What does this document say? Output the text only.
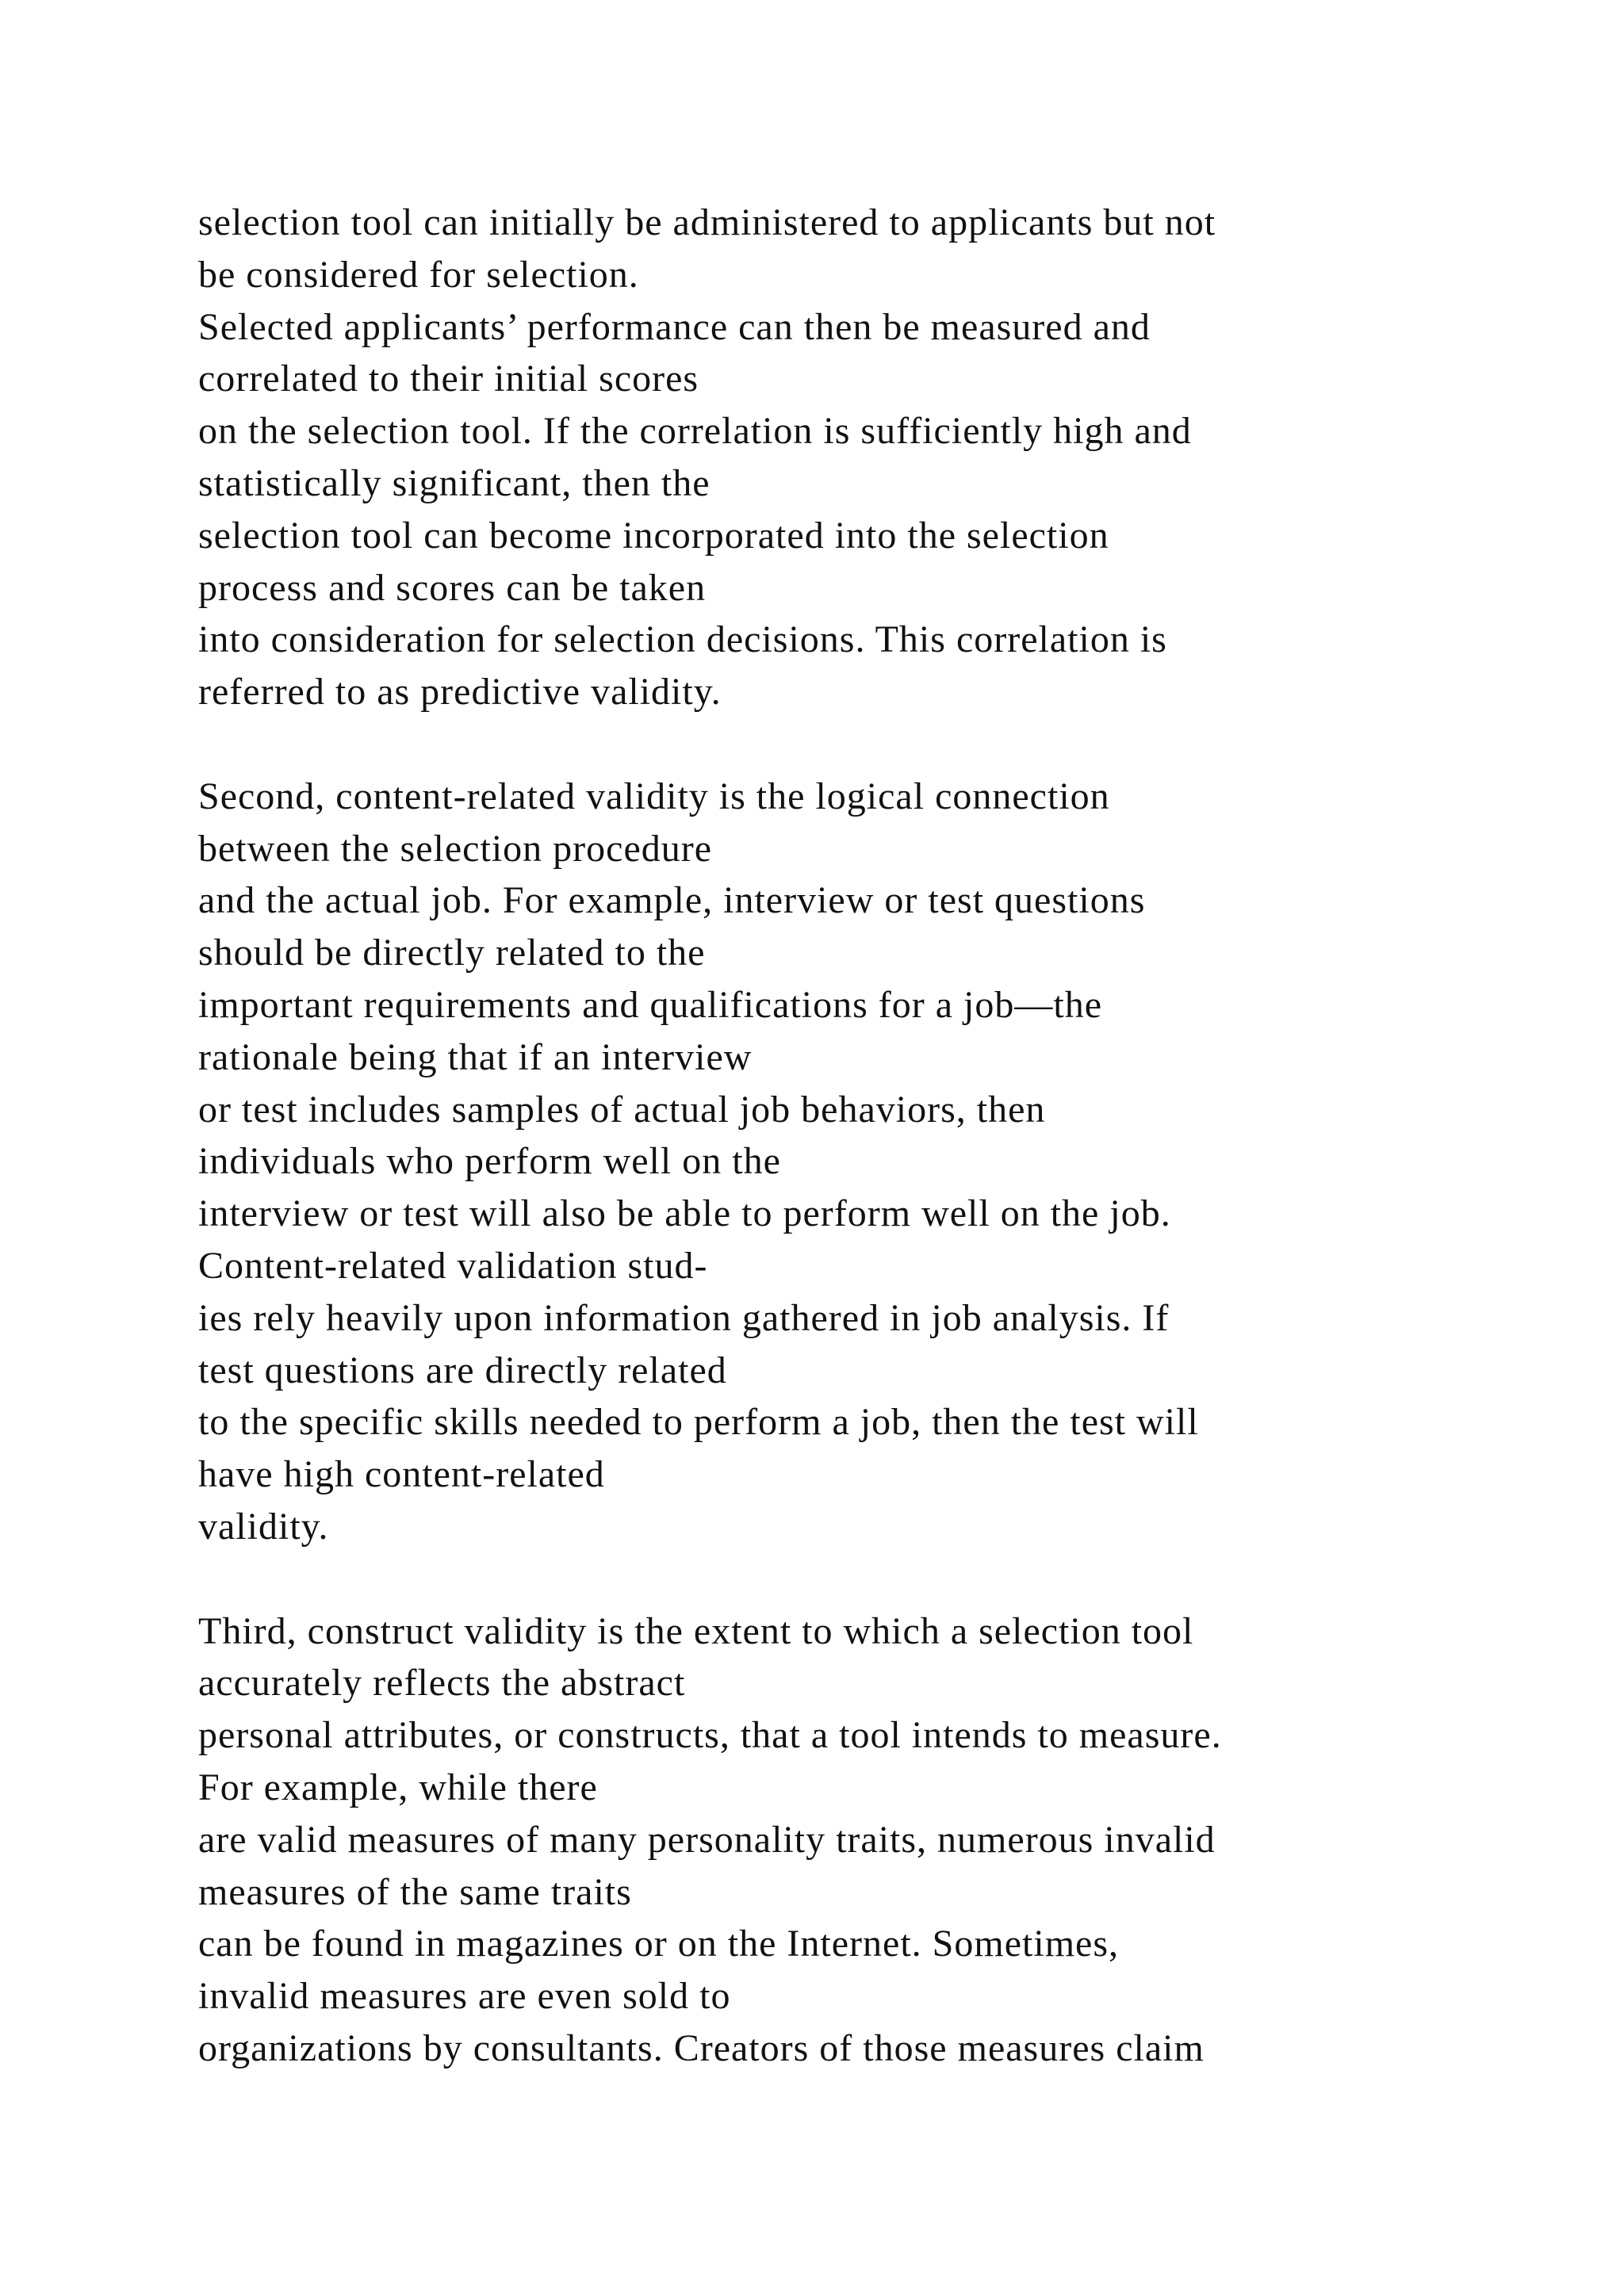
selection tool can initially be administered to applicants but not
be considered for selection.
Selected applicants’ performance can then be measured and
correlated to their initial scores
on the selection tool. If the correlation is sufficiently high and
statistically significant, then the
selection tool can become incorporated into the selection
process and scores can be taken
into consideration for selection decisions. This correlation is
referred to as predictive validity.
Second, content-related validity is the logical connection
between the selection procedure
and the actual job. For example, interview or test questions
should be directly related to the
important requirements and qualifications for a job—the
rationale being that if an interview
or test includes samples of actual job behaviors, then
individuals who perform well on the
interview or test will also be able to perform well on the job.
Content-related validation stud-
ies rely heavily upon information gathered in job analysis. If
test questions are directly related
to the specific skills needed to perform a job, then the test will
have high content-related
validity.
Third, construct validity is the extent to which a selection tool
accurately reflects the abstract
personal attributes, or constructs, that a tool intends to measure.
For example, while there
are valid measures of many personality traits, numerous invalid
measures of the same traits
can be found in magazines or on the Internet. Sometimes,
invalid measures are even sold to
organizations by consultants. Creators of those measures claim
